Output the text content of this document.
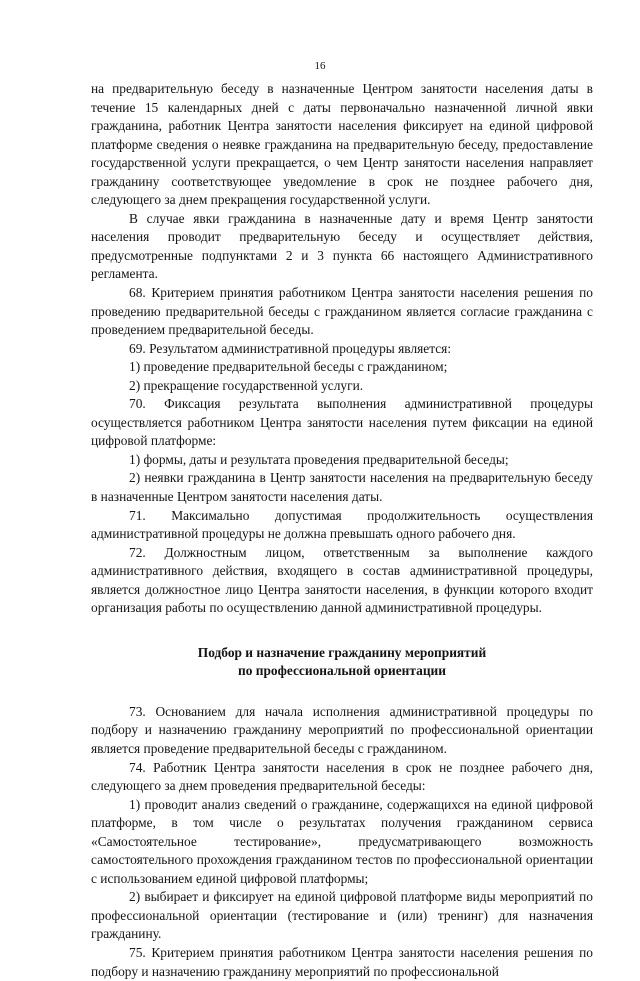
16

на предварительную беседу в назначенные Центром занятости населения даты в течение 15 календарных дней с даты первоначально назначенной личной явки гражданина, работник Центра занятости населения фиксирует на единой цифровой платформе сведения о неявке гражданина на предварительную беседу, предоставление государственной услуги прекращается, о чем Центр занятости населения направляет гражданину соответствующее уведомление в срок не позднее рабочего дня, следующего за днем прекращения государственной услуги.

В случае явки гражданина в назначенные дату и время Центр занятости населения проводит предварительную беседу и осуществляет действия, предусмотренные подпунктами 2 и 3 пункта 66 настоящего Административного регламента.

68. Критерием принятия работником Центра занятости населения решения по проведению предварительной беседы с гражданином является согласие гражданина с проведением предварительной беседы.

69. Результатом административной процедуры является:

1) проведение предварительной беседы с гражданином;

2) прекращение государственной услуги.

70. Фиксация результата выполнения административной процедуры осуществляется работником Центра занятости населения путем фиксации на единой цифровой платформе:

1) формы, даты и результата проведения предварительной беседы;

2) неявки гражданина в Центр занятости населения на предварительную беседу в назначенные Центром занятости населения даты.

71. Максимально допустимая продолжительность осуществления административной процедуры не должна превышать одного рабочего дня.

72. Должностным лицом, ответственным за выполнение каждого административного действия, входящего в состав административной процедуры, является должностное лицо Центра занятости населения, в функции которого входит организация работы по осуществлению данной административной процедуры.

Подбор и назначение гражданину мероприятий
по профессиональной ориентации

73. Основанием для начала исполнения административной процедуры по подбору и назначению гражданину мероприятий по профессиональной ориентации является проведение предварительной беседы с гражданином.

74. Работник Центра занятости населения в срок не позднее рабочего дня, следующего за днем проведения предварительной беседы:

1) проводит анализ сведений о гражданине, содержащихся на единой цифровой платформе, в том числе о результатах получения гражданином сервиса «Самостоятельное тестирование», предусматривающего возможность самостоятельного прохождения гражданином тестов по профессиональной ориентации с использованием единой цифровой платформы;

2) выбирает и фиксирует на единой цифровой платформе виды мероприятий по профессиональной ориентации (тестирование и (или) тренинг) для назначения гражданину.

75. Критерием принятия работником Центра занятости населения решения по подбору и назначению гражданину мероприятий по профессиональной
